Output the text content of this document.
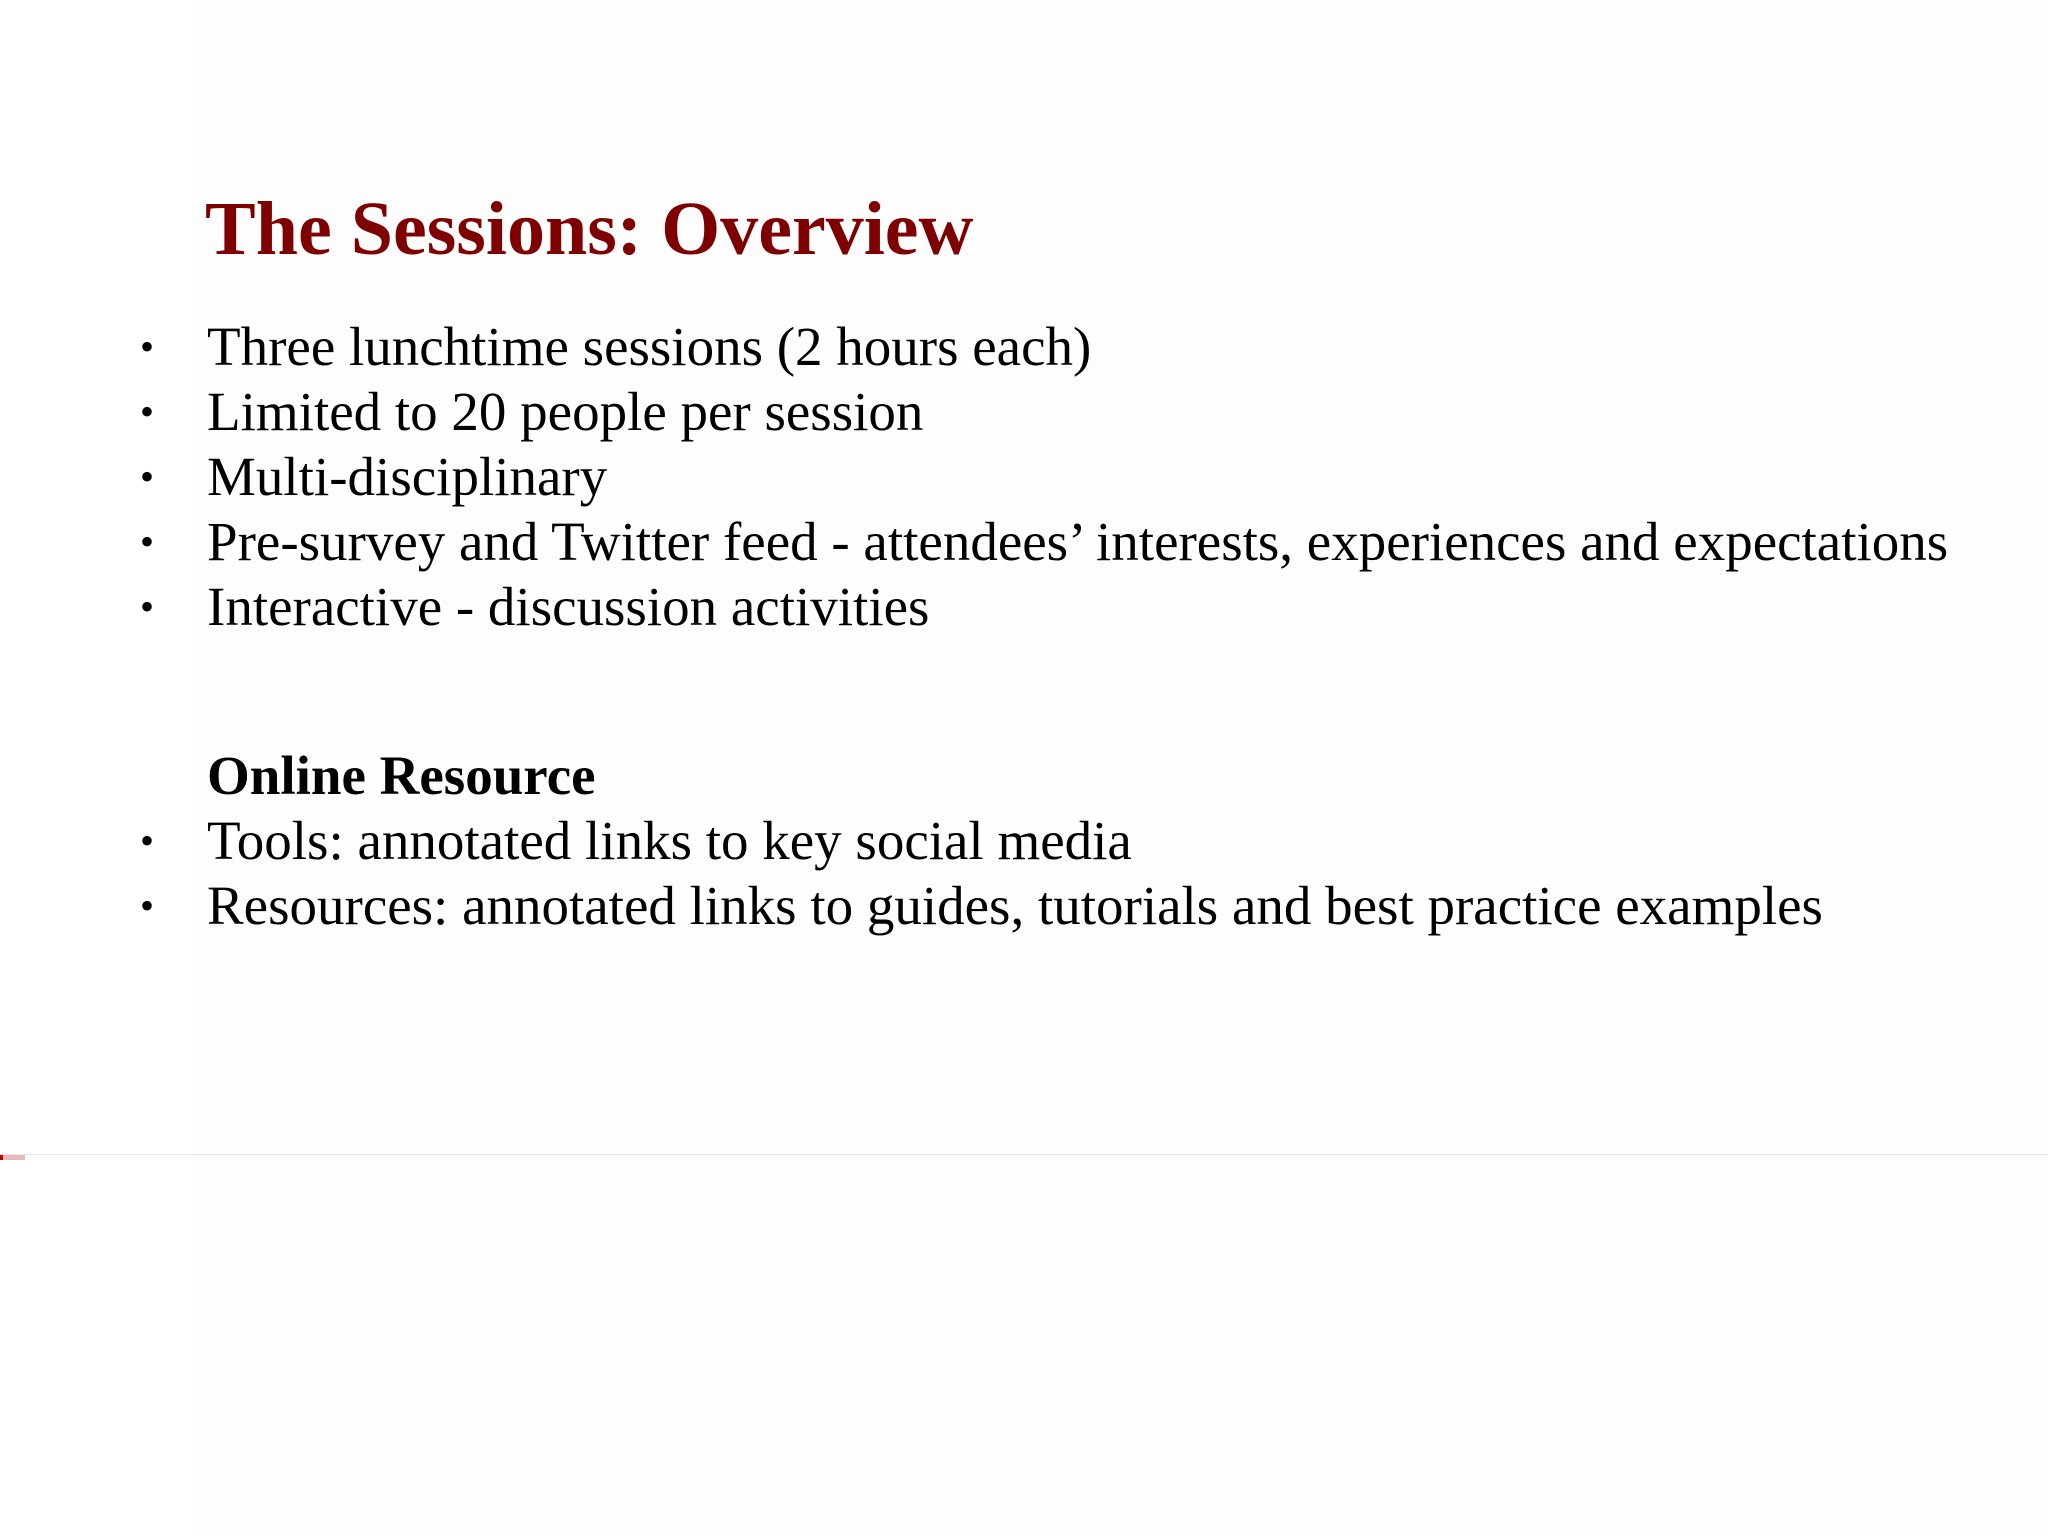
The Sessions: Overview
• Three lunchtime sessions (2 hours each)
• Limited to 20 people per session
• Multi-disciplinary
• Pre-survey and Twitter feed - attendees’ interests, experiences and expectations
• Interactive - discussion activities
Online Resource
• Tools: annotated links to key social media
• Resources: annotated links to guides, tutorials and best practice examples
